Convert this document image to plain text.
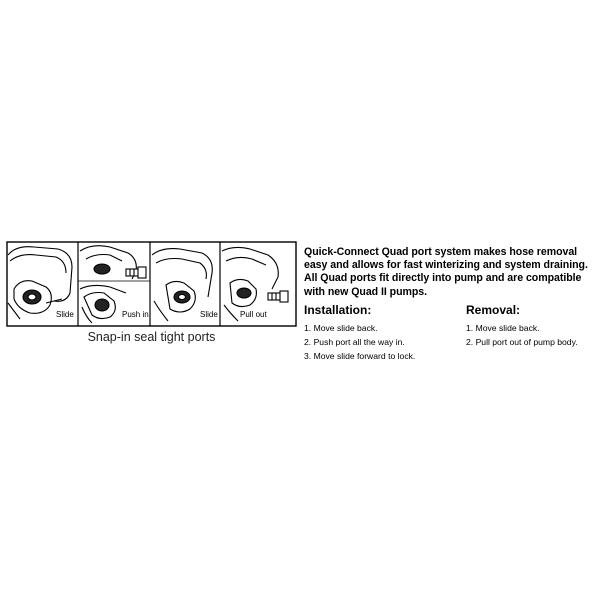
Slide	Push in	Slide	Pull out
Snap-in seal tight ports
Quick-Connect Quad port system makes hose removal easy and allows for fast winterizing and system draining. All Quad ports fit directly into pump and are compatible with new Quad II pumps.
Installation:
1. Move slide back.
2. Push port all the way in.
3. Move slide forward to lock.
Removal:
1. Move slide back.
2. Pull port out of pump body.
